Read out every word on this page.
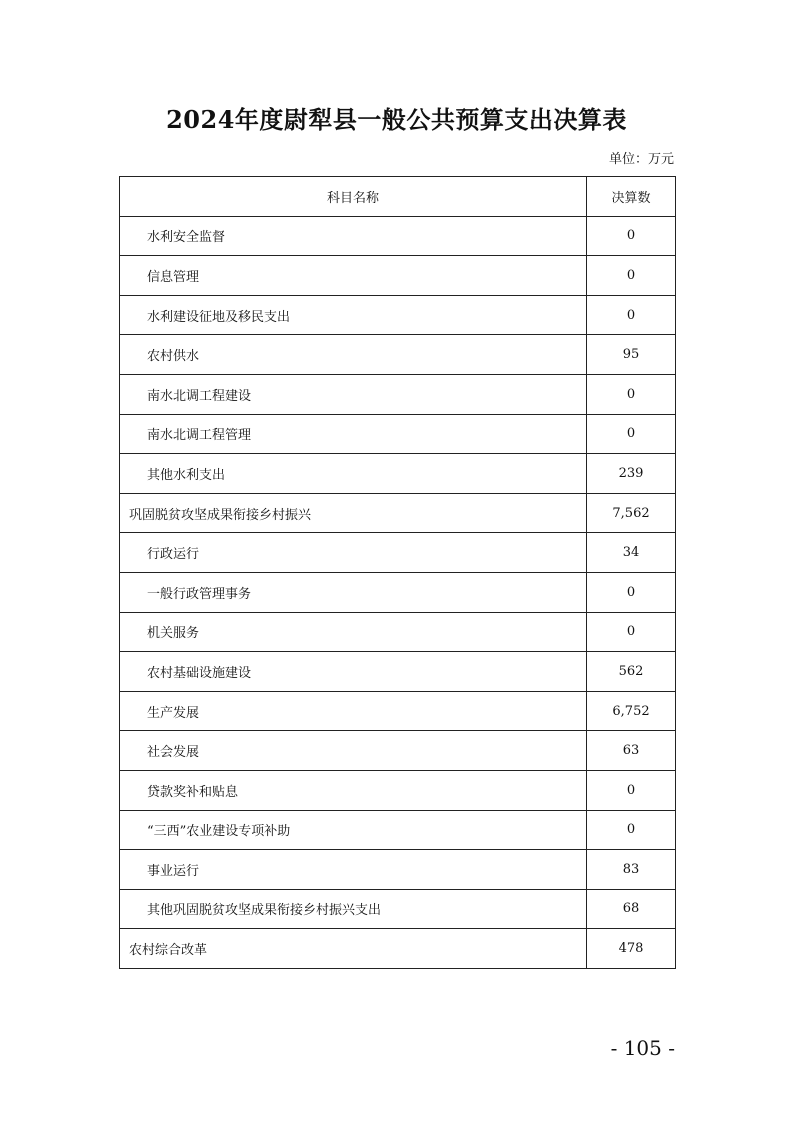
2024年度尉犁县一般公共预算支出决算表
单位：万元
科目名称	决算数
水利安全监督	0
信息管理	0
水利建设征地及移民支出	0
农村供水	95
南水北调工程建设	0
南水北调工程管理	0
其他水利支出	239
巩固脱贫攻坚成果衔接乡村振兴	7,562
行政运行	34
一般行政管理事务	0
机关服务	0
农村基础设施建设	562
生产发展	6,752
社会发展	63
贷款奖补和贴息	0
“三西”农业建设专项补助	0
事业运行	83
其他巩固脱贫攻坚成果衔接乡村振兴支出	68
农村综合改革	478
- 105 -
